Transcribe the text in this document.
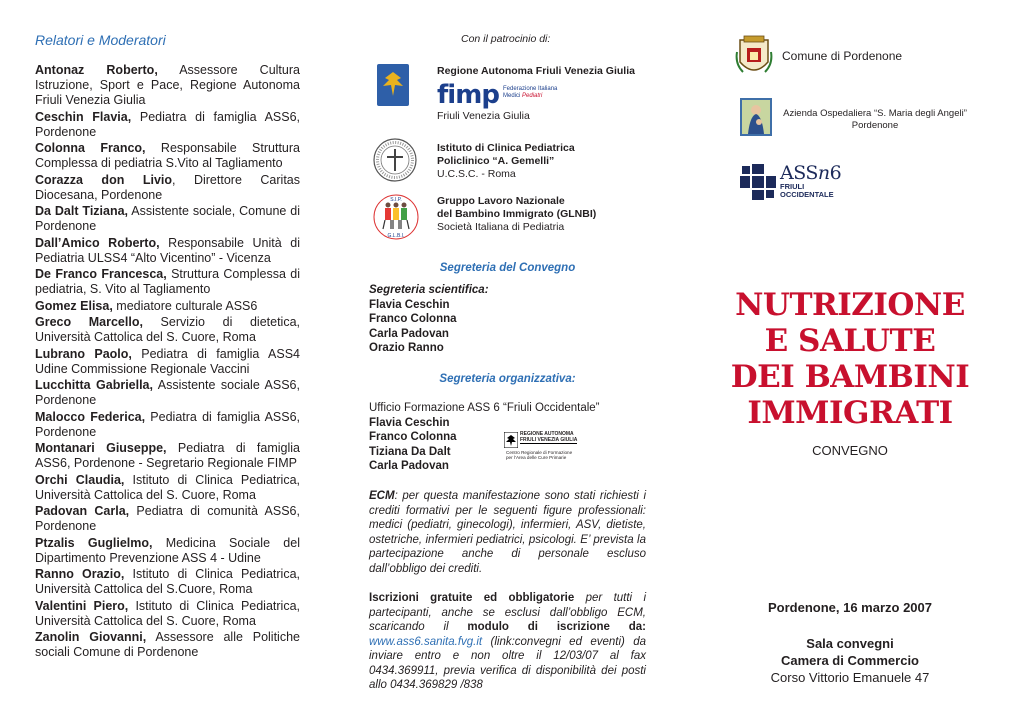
Relatori e Moderatori
Antonaz Roberto, Assessore Cultura Istruzione, Sport e Pace, Regione Autonoma Friuli Venezia Giulia
Ceschin Flavia, Pediatra di famiglia ASS6, Pordenone
Colonna Franco, Responsabile Struttura Complessa di pediatria S.Vito al Tagliamento
Corazza don Livio, Direttore Caritas Diocesana, Pordenone
Da Dalt Tiziana, Assistente sociale, Comune di Pordenone
Dall’Amico Roberto, Responsabile Unità di Pediatria ULSS4 “Alto Vicentino” - Vicenza
De Franco Francesca, Struttura Complessa di pediatria, S. Vito al Tagliamento
Gomez Elisa, mediatore culturale ASS6
Greco Marcello, Servizio di dietetica, Università Cattolica del S. Cuore, Roma
Lubrano Paolo, Pediatra di famiglia ASS4 Udine Commissione Regionale Vaccini
Lucchitta Gabriella, Assistente sociale ASS6, Pordenone
Malocco Federica, Pediatra di famiglia ASS6, Pordenone
Montanari Giuseppe, Pediatra di famiglia ASS6, Pordenone - Segretario Regionale FIMP
Orchi Claudia, Istituto di Clinica Pediatrica, Università Cattolica del S. Cuore, Roma
Padovan Carla, Pediatra di comunità ASS6, Pordenone
Ptzalis Guglielmo, Medicina Sociale del Dipartimento Prevenzione ASS 4 - Udine
Ranno Orazio, Istituto di Clinica Pediatrica, Università Cattolica del S.Cuore, Roma
Valentini Piero, Istituto di Clinica Pediatrica, Università Cattolica del S. Cuore, Roma
Zanolin Giovanni, Assessore alle Politiche sociali Comune di Pordenone
Con il patrocinio di:
Regione Autonoma Friuli Venezia Giulia
fimp Federazione Italiana
Medici Pediatri
Friuli Venezia Giulia
Istituto di Clinica Pediatrica
Policlinico “A. Gemelli”
U.C.S.C. - Roma
S.I.P.
G.L.B.I.
Gruppo Lavoro Nazionale
del Bambino Immigrato (GLNBI)
Società Italiana di Pediatria
Segreteria del Convegno
Segreteria scientifica:
Flavia Ceschin
Franco Colonna
Carla Padovan
Orazio Ranno
Segreteria organizzativa:
Ufficio Formazione ASS 6 “Friuli Occidentale”
Flavia Ceschin
Franco Colonna
Tiziana Da Dalt
Carla Padovan
REGIONE AUTONOMA
FRIULI VENEZIA GIULIA
Centro Regionale di Formazione
per l’Area delle Cure Primarie
ECM: per questa manifestazione sono stati richiesti i crediti formativi per le seguenti figure professionali: medici (pediatri, ginecologi), infermieri, ASV, dietiste, ostetriche, infermieri pediatrici, psicologi. E’ prevista la partecipazione anche di personale escluso dall’obbligo dei crediti.
Iscrizioni gratuite ed obbligatorie per tutti i partecipanti, anche se esclusi dall’obbligo ECM, scaricando il modulo di iscrizione da: www.ass6.sanita.fvg.it (link:convegni ed eventi) da inviare entro e non oltre il 12/03/07 al fax 0434.369911, previa verifica di disponibilità dei posti allo 0434.369829 /838
Comune di Pordenone
Azienda Ospedaliera “S. Maria degli Angeli”
Pordenone
ASSn6
FRIULI
OCCIDENTALE
NUTRIZIONE
E SALUTE
DEI BAMBINI
IMMIGRATI
CONVEGNO
Pordenone, 16 marzo 2007
Sala convegni
Camera di Commercio
Corso Vittorio Emanuele 47
